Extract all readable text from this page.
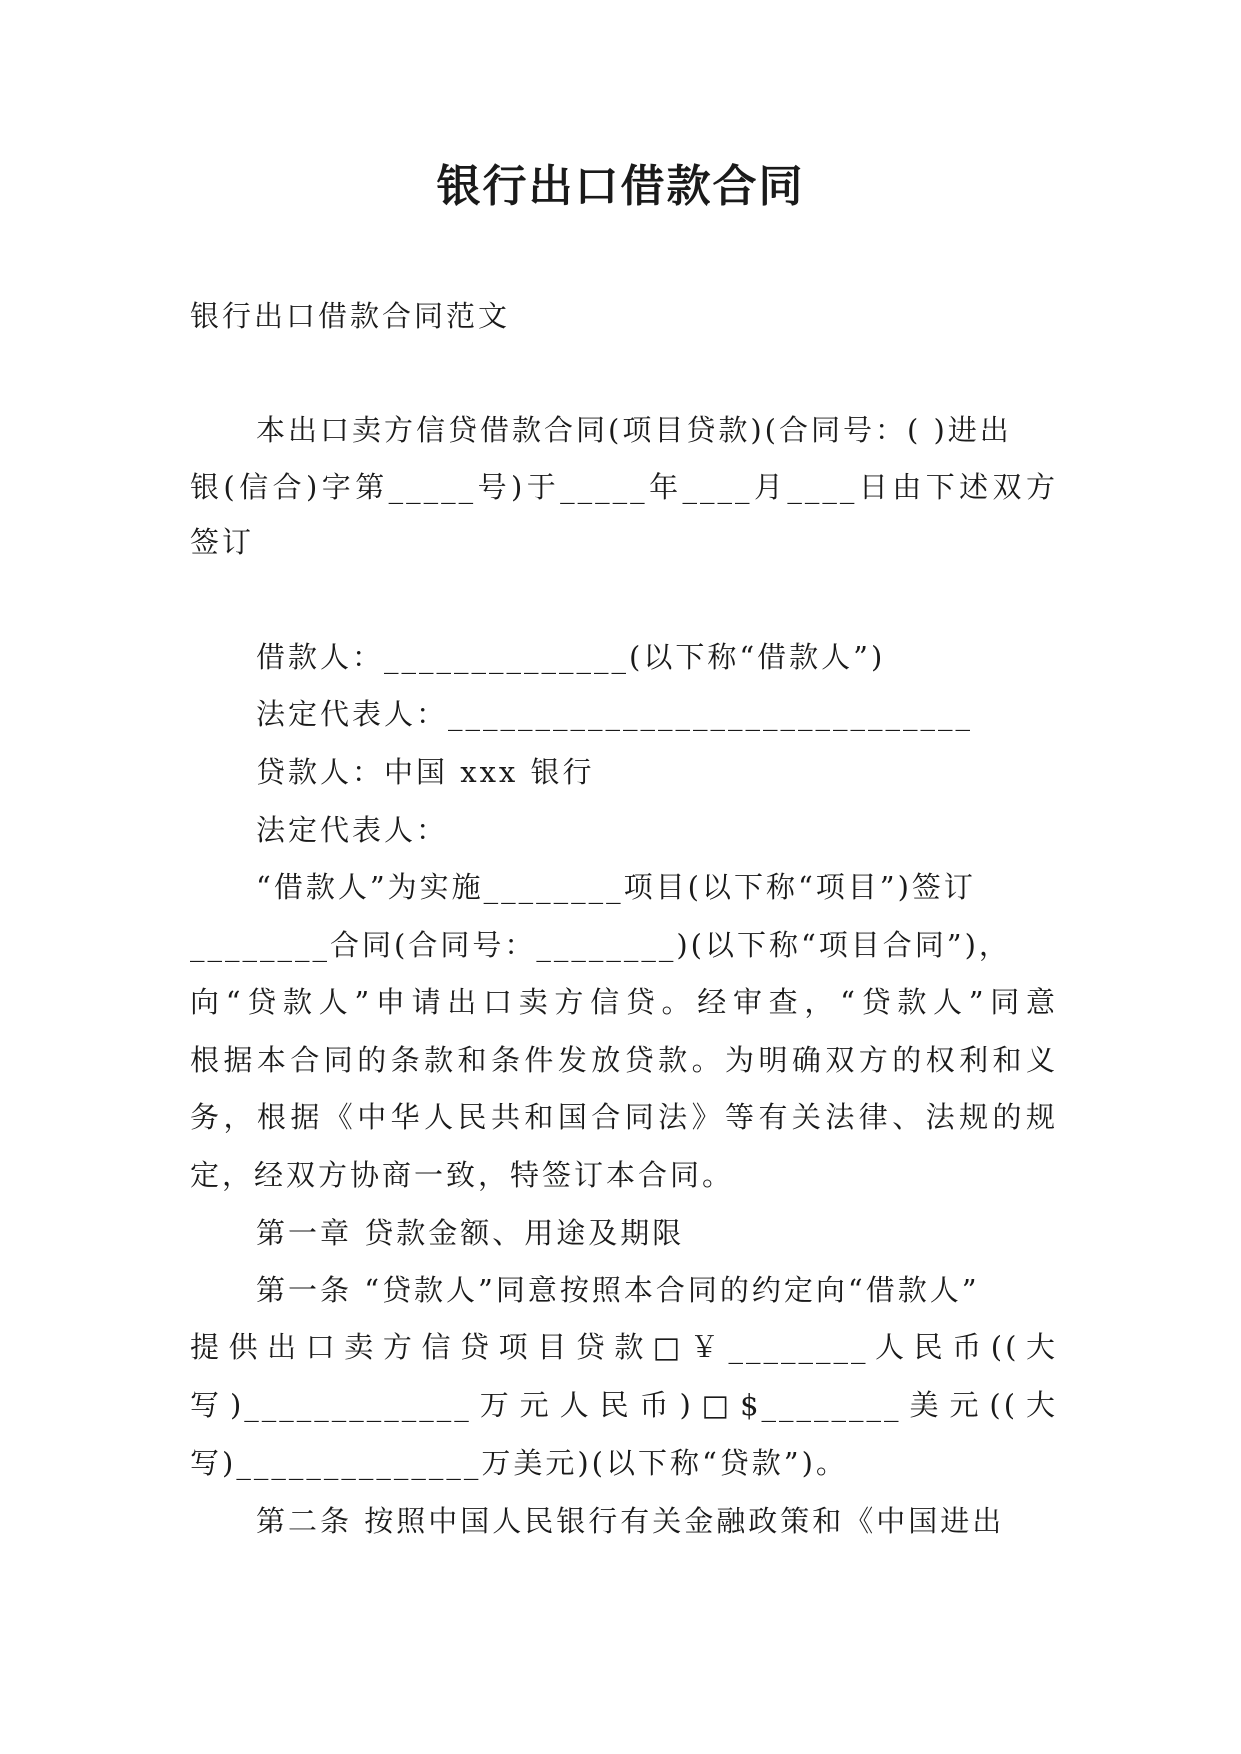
银行出口借款合同

银行出口借款合同范文

本出口卖方信贷借款合同(项目贷款)(合同号：( )进出

银(信合)字第_____号)于_____年____月____日由下述双方

签订

借款人：______________(以下称“借款人”)

法定代表人：______________________________

贷款人：中国 xxx 银行

法定代表人：

“借款人”为实施________项目(以下称“项目”)签订

________合同(合同号：________)(以下称“项目合同”)，

向“贷款人”申请出口卖方信贷。经审查，“贷款人”同意

根据本合同的条款和条件发放贷款。为明确双方的权利和义

务，根据《中华人民共和国合同法》等有关法律、法规的规

定，经双方协商一致，特签订本合同。

第一章 贷款金额、用途及期限

第一条 “贷款人”同意按照本合同的约定向“借款人”

提供出口卖方信贷项目贷款□￥________人民币((大

写)_____________万元人民币)□$________美元((大

写)______________万美元)(以下称“贷款”)。

第二条 按照中国人民银行有关金融政策和《中国进出
